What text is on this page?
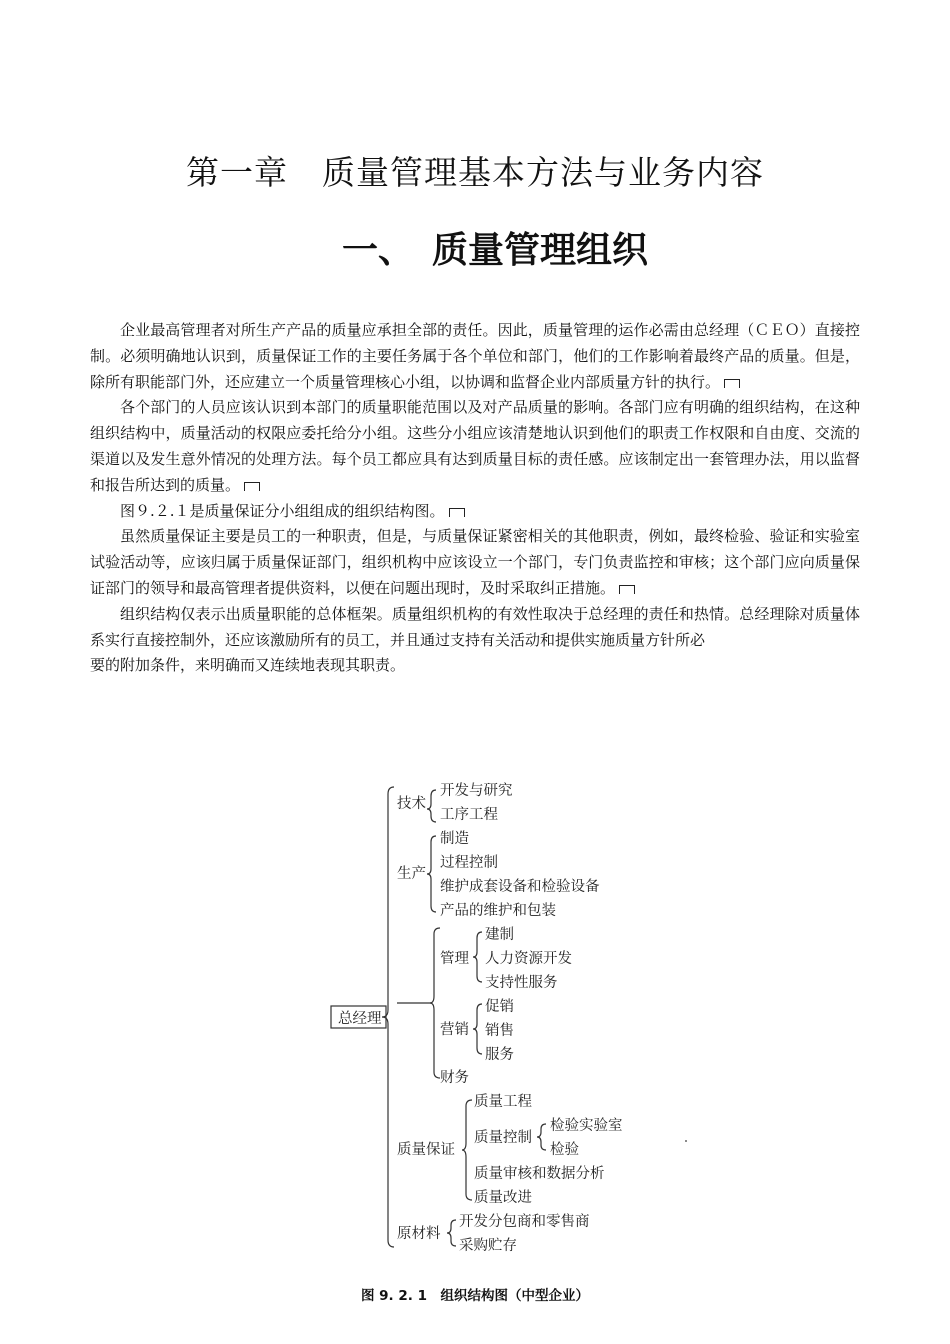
第一章　质量管理基本方法与业务内容
一、　质量管理组织

企业最高管理者对所生产产品的质量应承担全部的责任。因此，质量管理的运作必需由总经理（ＣＥＯ）直接控制。必须明确地认识到，质量保证工作的主要任务属于各个单位和部门，他们的工作影响着最终产品的质量。但是，除所有职能部门外，还应建立一个质量管理核心小组，以协调和监督企业内部质量方针的执行。

各个部门的人员应该认识到本部门的质量职能范围以及对产品质量的影响。各部门应有明确的组织结构，在这种组织结构中，质量活动的权限应委托给分小组。这些分小组应该清楚地认识到他们的职责工作权限和自由度、交流的渠道以及发生意外情况的处理方法。每个员工都应具有达到质量目标的责任感。应该制定出一套管理办法，用以监督和报告所达到的质量。

图９.２.１是质量保证分小组组成的组织结构图。

虽然质量保证主要是员工的一种职责，但是，与质量保证紧密相关的其他职责，例如，最终检验、验证和实验室试验活动等，应该归属于质量保证部门，组织机构中应该设立一个部门，专门负责监控和审核；这个部门应向质量保证部门的领导和最高管理者提供资料，以便在问题出现时，及时采取纠正措施。

组织结构仅表示出质量职能的总体框架。质量组织机构的有效性取决于总经理的责任和热情。总经理除对质量体系实行直接控制外，还应该激励所有的员工，并且通过支持有关活动和提供实施质量方针所必

要的附加条件，来明确而又连续地表现其职责。

总经理
技术
开发与研究
工序工程
生产
制造
过程控制
维护成套设备和检验设备
产品的维护和包装
管理
建制
人力资源开发
支持性服务
营销
促销
销售
服务
财务
质量保证
质量工程
质量控制
检验实验室
检验
质量审核和数据分析
质量改进
原材料
开发分包商和零售商
采购贮存
图 9. 2. 1　组织结构图（中型企业）
